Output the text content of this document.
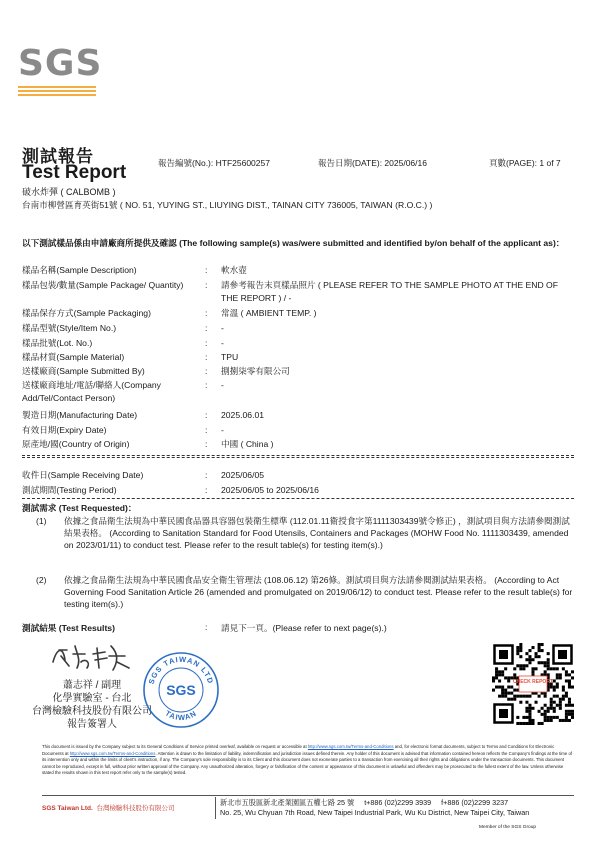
SGS
測試報告
Test Report	報告編號(No.): HTF25600257	報告日期(DATE): 2025/06/16	頁數(PAGE): 1 of 7
破水炸彈 ( CALBOMB )
台南市柳營區育英街51號 ( NO. 51, YUYING ST., LIUYING DIST., TAINAN CITY 736005, TAIWAN (R.O.C.) )
以下測試樣品係由申請廠商所提供及確認 (The following sample(s) was/were submitted and identified by/on behalf of the applicant as)：
樣品名稱(Sample Description)	: 軟水壺
樣品包裝/數量(Sample Package/ Quantity)	: 請參考報告末頁樣品照片 ( PLEASE REFER TO THE SAMPLE PHOTO AT THE END OF THE REPORT ) / -
樣品保存方式(Sample Packaging)	: 常溫 ( AMBIENT TEMP. )
樣品型號(Style/Item No.)	: -
樣品批號(Lot. No.)	: -
樣品材質(Sample Material)	: TPU
送樣廠商(Sample Submitted By)	: 捌捌柒零有限公司
送樣廠商地址/電話/聯絡人(Company Add/Tel/Contact Person)
: -
製造日期(Manufacturing Date)	: 2025.06.01
有效日期(Expiry Date)	: -
原產地/國(Country of Origin)	: 中國 ( China )
收件日(Sample Receiving Date)	: 2025/06/05
測試期間(Testing Period)	: 2025/06/05 to 2025/06/16
測試需求 (Test Requested)：
(1) 依據之食品衛生法規為中華民國食品器具容器包裝衛生標準 (112.01.11衛授食字第1111303439號令修正) ，測試項目與方法請參閱測試結果表格。 (According to Sanitation Standard for Food Utensils, Containers and Packages (MOHW Food No. 1111303439, amended on 2023/01/11) to conduct test. Please refer to the result table(s) for testing item(s).)
(2) 依據之食品衛生法規為中華民國食品安全衛生管理法 (108.06.12) 第26條。測試項目與方法請參閱測試結果表格。 (According to Act Governing Food Sanitation Article 26 (amended and promulgated on 2019/06/12) to conduct test. Please refer to the result table(s) for testing item(s).)
測試結果 (Test Results)	: 請見下一頁。(Please refer to next page(s).)
蕭志祥 / 副理
化學實驗室 - 台北
台灣檢驗科技股份有限公司
報告簽署人
SGS TAIWAN LTD
SGS
TAIWAN
CHECK REPORT
This document is issued by the Company subject to its General Conditions of Service printed overleaf, available on request or accessible at http://www.sgs.com.tw/Terms-and-Conditions and, for electronic format documents, subject to Terms and Conditions for Electronic Documents at http://www.sgs.com.tw/Terms-and-Conditions. Attention is drawn to the limitation of liability, indemnification and jurisdiction issues defined therein. Any holder of this document is advised that information contained hereon reflects the Company's findings at the time of its intervention only and within the limits of client's instruction, if any. The Company's sole responsibility is to its Client and this document does not exonerate parties to a transaction from exercising all their rights and obligations under the transaction documents. This document cannot be reproduced, except in full, without prior written approval of the Company. Any unauthorized alteration, forgery or falsification of the content or appearance of this document is unlawful and offenders may be prosecuted to the fullest extent of the law. Unless otherwise stated the results shown in this test report refer only to the sample(s) tested.
SGS Taiwan Ltd. 台灣檢驗科技股份有限公司
新北市五股區新北產業園區五權七路 25 號 t+886 (02)2299 3939 f+886 (02)2299 3237
No. 25, Wu Chyuan 7th Road, New Taipei Industrial Park, Wu Ku District, New Taipei City, Taiwan
Member of the SGS Group
